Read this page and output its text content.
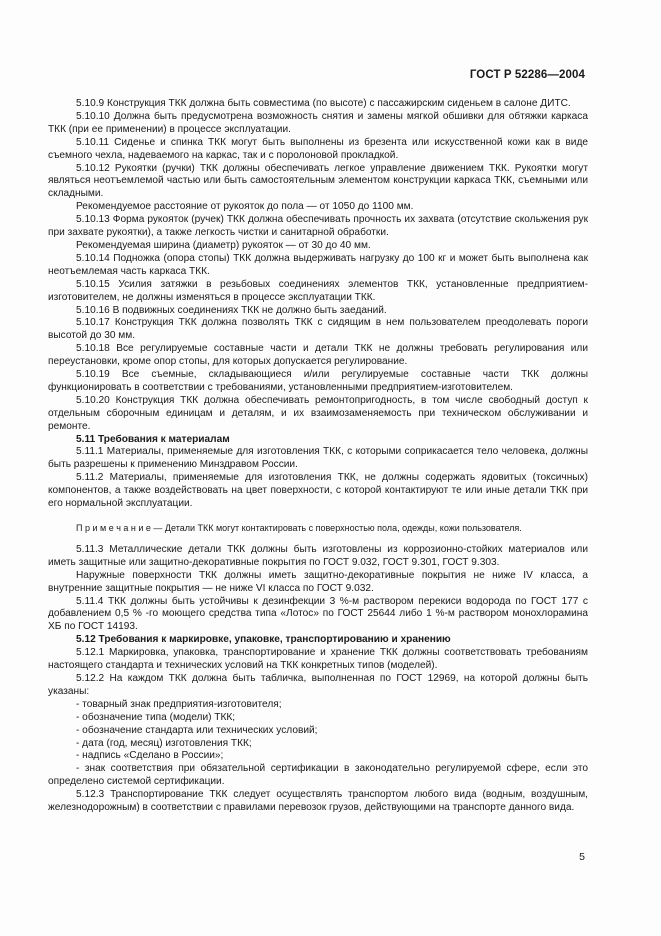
ГОСТ Р 52286—2004

5.10.9 Конструкция ТКК должна быть совместима (по высоте) с пассажирским сиденьем в салоне ДИТС.

5.10.10 Должна быть предусмотрена возможность снятия и замены мягкой обшивки для обтяжки каркаса ТКК (при ее применении) в процессе эксплуатации.

5.10.11 Сиденье и спинка ТКК могут быть выполнены из брезента или искусственной кожи как в виде съемного чехла, надеваемого на каркас, так и с поролоновой прокладкой.

5.10.12 Рукоятки (ручки) ТКК должны обеспечивать легкое управление движением ТКК. Рукоятки могут являться неотъемлемой частью или быть самостоятельным элементом конструкции каркаса ТКК, съемными или складными.

Рекомендуемое расстояние от рукояток до пола — от 1050 до 1100 мм.

5.10.13 Форма рукояток (ручек) ТКК должна обеспечивать прочность их захвата (отсутствие скольжения рук при захвате рукоятки), а также легкость чистки и санитарной обработки.

Рекомендуемая ширина (диаметр) рукояток — от 30 до 40 мм.

5.10.14 Подножка (опора стопы) ТКК должна выдерживать нагрузку до 100 кг и может быть выполнена как неотъемлемая часть каркаса ТКК.

5.10.15 Усилия затяжки в резьбовых соединениях элементов ТКК, установленные предприятием-изготовителем, не должны изменяться в процессе эксплуатации ТКК.

5.10.16 В подвижных соединениях ТКК не должно быть заеданий.

5.10.17 Конструкция ТКК должна позволять ТКК с сидящим в нем пользователем преодолевать пороги высотой до 30 мм.

5.10.18 Все регулируемые составные части и детали ТКК не должны требовать регулирования или переустановки, кроме опор стопы, для которых допускается регулирование.

5.10.19 Все съемные, складывающиеся и/или регулируемые составные части ТКК должны функционировать в соответствии с требованиями, установленными предприятием-изготовителем.

5.10.20 Конструкция ТКК должна обеспечивать ремонтопригодность, в том числе свободный доступ к отдельным сборочным единицам и деталям, и их взаимозаменяемость при техническом обслуживании и ремонте.

5.11 Требования к материалам

5.11.1 Материалы, применяемые для изготовления ТКК, с которыми соприкасается тело человека, должны быть разрешены к применению Минздравом России.

5.11.2 Материалы, применяемые для изготовления ТКК, не должны содержать ядовитых (токсичных) компонентов, а также воздействовать на цвет поверхности, с которой контактируют те или иные детали ТКК при его нормальной эксплуатации.

П р и м е ч а н и е — Детали ТКК могут контактировать с поверхностью пола, одежды, кожи пользователя.

5.11.3 Металлические детали ТКК должны быть изготовлены из коррозионно-стойких материалов или иметь защитные или защитно-декоративные покрытия по ГОСТ 9.032, ГОСТ 9.301, ГОСТ 9.303.

Наружные поверхности ТКК должны иметь защитно-декоративные покрытия не ниже IV класса, а внутренние защитные покрытия — не ниже VI класса по ГОСТ 9.032.

5.11.4 ТКК должны быть устойчивы к дезинфекции 3 %-м раствором перекиси водорода по ГОСТ 177 с добавлением 0,5 % -го моющего средства типа «Лотос» по ГОСТ 25644 либо 1 %-м раствором монохлорамина ХБ по ГОСТ 14193.

5.12 Требования к маркировке, упаковке, транспортированию и хранению

5.12.1 Маркировка, упаковка, транспортирование и хранение ТКК должны соответствовать требованиям настоящего стандарта и технических условий на ТКК конкретных типов (моделей).

5.12.2 На каждом ТКК должна быть табличка, выполненная по ГОСТ 12969, на которой должны быть указаны:

- товарный знак предприятия-изготовителя;

- обозначение типа (модели) ТКК;

- обозначение стандарта или технических условий;

- дата (год, месяц) изготовления ТКК;

- надпись «Сделано в России»;

- знак соответствия при обязательной сертификации в законодательно регулируемой сфере, если это определено системой сертификации.

5.12.3 Транспортирование ТКК следует осуществлять транспортом любого вида (водным, воздушным, железнодорожным) в соответствии с правилами перевозок грузов, действующими на транспорте данного вида.

5
